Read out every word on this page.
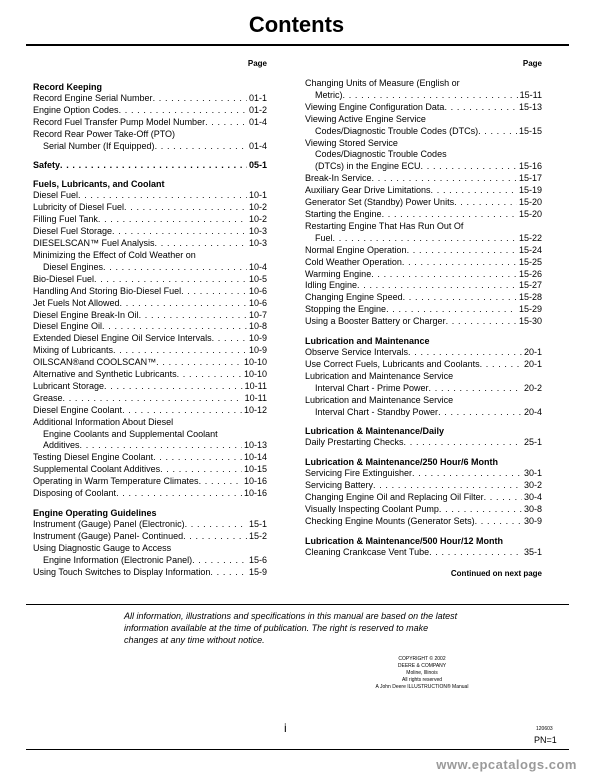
Contents
Page
Record Keeping
Record Engine Serial Number . . .	01-1
Engine Option Codes . . .	01-2
Record Fuel Transfer Pump Model Number . . .	01-4
Record Rear Power Take-Off (PTO)
Serial Number (If Equipped) . . .	01-4
Safety . . .	05-1
Fuels, Lubricants, and Coolant
Diesel Fuel . . .	10-1
Lubricity of Diesel Fuel . . .	10-2
Filling Fuel Tank . . .	10-2
Diesel Fuel Storage . . .	10-3
DIESELSCAN™ Fuel Analysis . . .	10-3
Minimizing the Effect of Cold Weather on
Diesel Engines . . .	10-4
Bio-Diesel Fuel . . .	10-5
Handling And Storing Bio-Diesel Fuel . . .	10-6
Jet Fuels Not Allowed . . .	10-6
Diesel Engine Break-In Oil . . .	10-7
Diesel Engine Oil . . .	10-8
Extended Diesel Engine Oil Service Intervals . . .	10-9
Mixing of Lubricants . . .	10-9
OILSCAN®and COOLSCAN™ . . .	10-10
Alternative and Synthetic Lubricants . . .	10-10
Lubricant Storage . . .	10-11
Grease . . .	10-11
Diesel Engine Coolant . . .	10-12
Additional Information About Diesel
Engine Coolants and Supplemental Coolant
Additives . . .	10-13
Testing Diesel Engine Coolant . . .	10-14
Supplemental Coolant Additives . . .	10-15
Operating in Warm Temperature Climates . . .	10-16
Disposing of Coolant . . .	10-16
Engine Operating Guidelines
Instrument (Gauge) Panel (Electronic) . . .	15-1
Instrument (Gauge) Panel- Continued . . .	15-2
Using Diagnostic Gauge to Access
Engine Information (Electronic Panel) . . .	15-6
Using Touch Switches to Display Information . . .	15-9
Page
Changing Units of Measure (English or
Metric) . . .	15-11
Viewing Engine Configuration Data . . .	15-13
Viewing Active Engine Service
Codes/Diagnostic Trouble Codes (DTCs) . . .	15-15
Viewing Stored Service
Codes/Diagnostic Trouble Codes
(DTCs) in the Engine ECU . . .	15-16
Break-In Service . . .	15-17
Auxiliary Gear Drive Limitations . . .	15-19
Generator Set (Standby) Power Units . . .	15-20
Starting the Engine . . .	15-20
Restarting Engine That Has Run Out Of
Fuel . . .	15-22
Normal Engine Operation . . .	15-24
Cold Weather Operation . . .	15-25
Warming Engine . . .	15-26
Idling Engine . . .	15-27
Changing Engine Speed . . .	15-28
Stopping the Engine . . .	15-29
Using a Booster Battery or Charger . . .	15-30
Lubrication and Maintenance
Observe Service Intervals . . .	20-1
Use Correct Fuels, Lubricants and Coolants . . .	20-1
Lubrication and Maintenance Service
Interval Chart - Prime Power . . .	20-2
Lubrication and Maintenance Service
Interval Chart - Standby Power . . .	20-4
Lubrication & Maintenance/Daily
Daily Prestarting Checks . . .	25-1
Lubrication & Maintenance/250 Hour/6 Month
Servicing Fire Extinguisher . . .	30-1
Servicing Battery . . .	30-2
Changing Engine Oil and Replacing Oil Filter . . .	30-4
Visually Inspecting Coolant Pump . . .	30-8
Checking Engine Mounts (Generator Sets) . . .	30-9
Lubrication & Maintenance/500 Hour/12 Month
Cleaning Crankcase Vent Tube . . .	35-1
Continued on next page
All information, illustrations and specifications in this manual are based on the latest information available at the time of publication. The right is reserved to make changes at any time without notice.
COPYRIGHT © 2002
DEERE & COMPANY
Moline, Illinois
All rights reserved
A John Deere ILLUSTRUCTION® Manual
i	120603
PN=1
www.epcatalogs.com
